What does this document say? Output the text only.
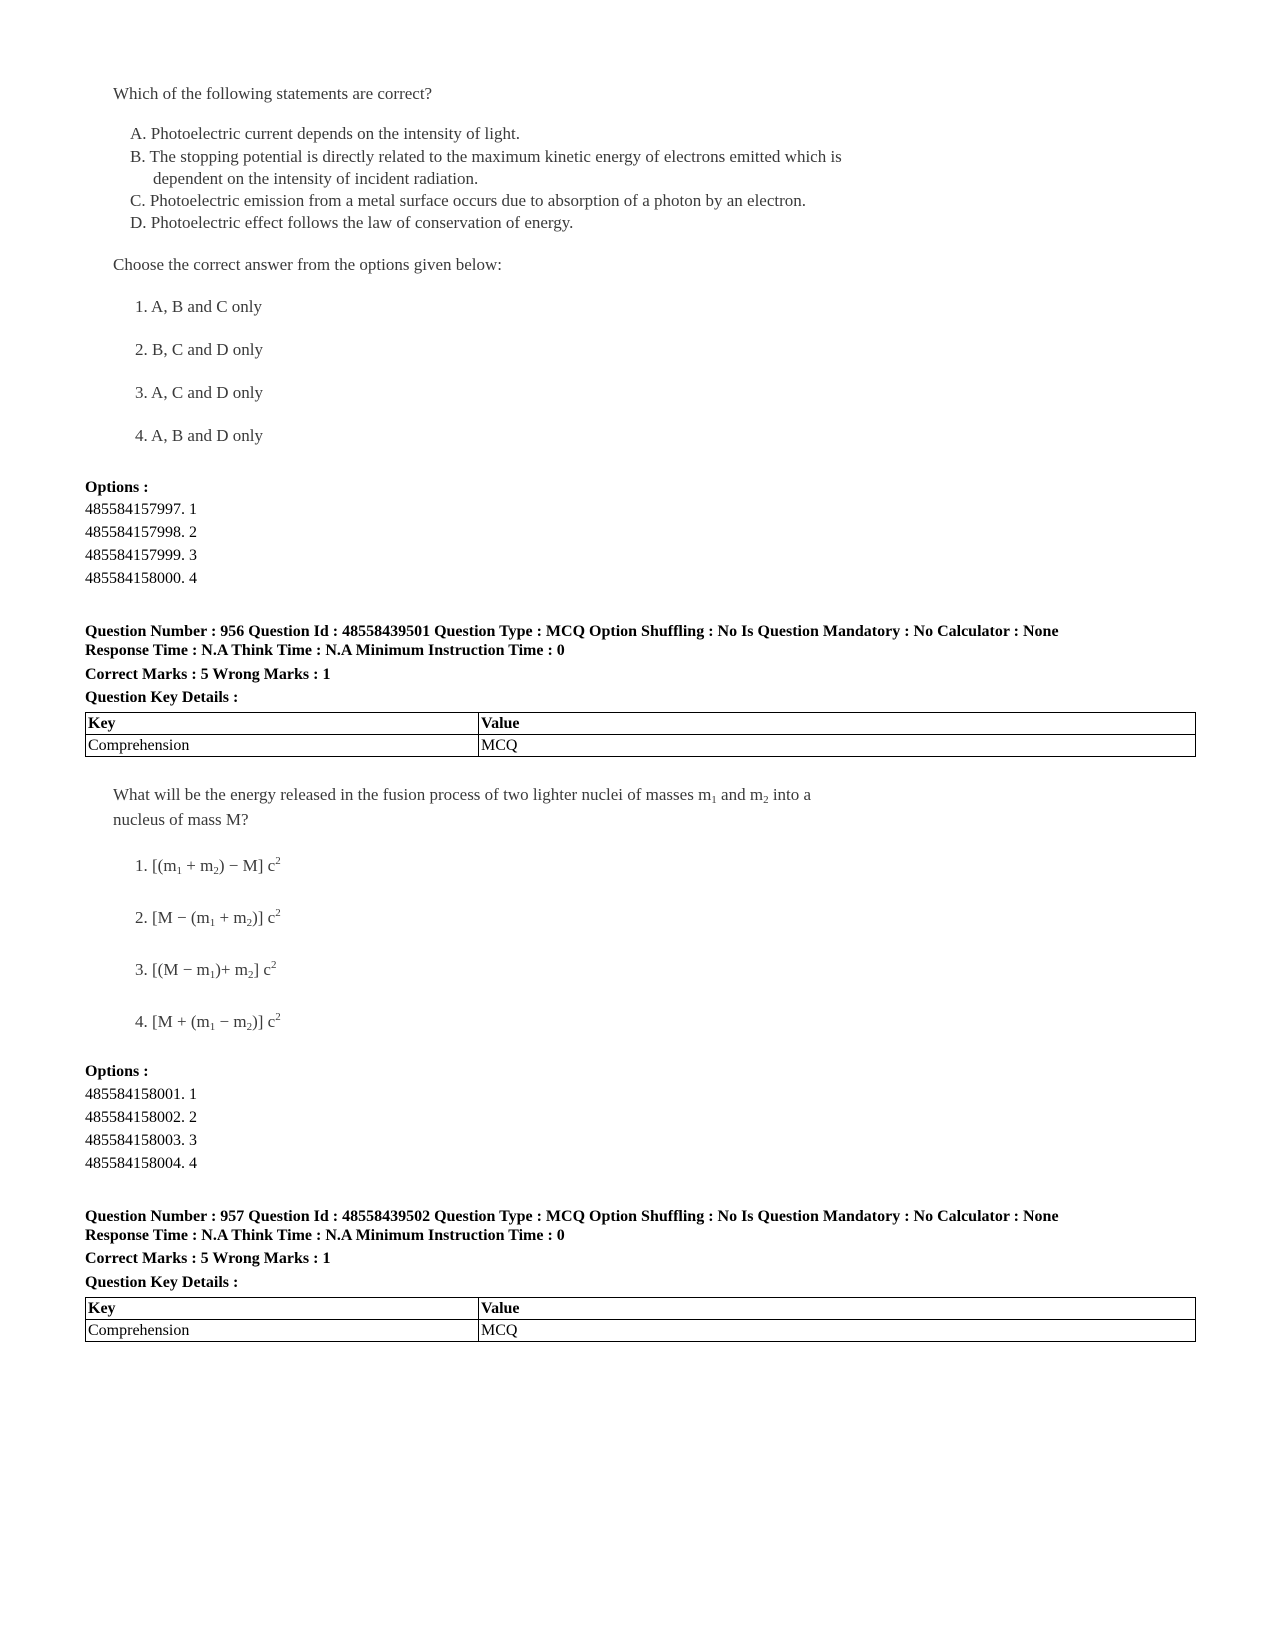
Which of the following statements are correct?
A. Photoelectric current depends on the intensity of light.
B. The stopping potential is directly related to the maximum kinetic energy of electrons emitted which is
dependent on the intensity of incident radiation.
C. Photoelectric emission from a metal surface occurs due to absorption of a photon by an electron.
D. Photoelectric effect follows the law of conservation of energy.
Choose the correct answer from the options given below:
1. A, B and C only
2. B, C and D only
3. A, C and D only
4. A, B and D only
Options :
485584157997. 1
485584157998. 2
485584157999. 3
485584158000. 4
Question Number : 956 Question Id : 48558439501 Question Type : MCQ Option Shuffling : No Is Question Mandatory : No Calculator : None
Response Time : N.A Think Time : N.A Minimum Instruction Time : 0
Correct Marks : 5 Wrong Marks : 1
Question Key Details :
Key	Value
Comprehension	MCQ
What will be the energy released in the fusion process of two lighter nuclei of masses $m_1$ and $m_2$ into a
nucleus of mass M?
1. $[(m_1 + m_2) - M]$ $c^2$
2. $[M - (m_1 + m_2)]$ $c^2$
3. $[(M - m_1)+ m_2]$ $c^2$
4. $[M + (m_1 - m_2)]$ $c^2$
Options :
485584158001. 1
485584158002. 2
485584158003. 3
485584158004. 4
Question Number : 957 Question Id : 48558439502 Question Type : MCQ Option Shuffling : No Is Question Mandatory : No Calculator : None
Response Time : N.A Think Time : N.A Minimum Instruction Time : 0
Correct Marks : 5 Wrong Marks : 1
Question Key Details :
Key	Value
Comprehension	MCQ
